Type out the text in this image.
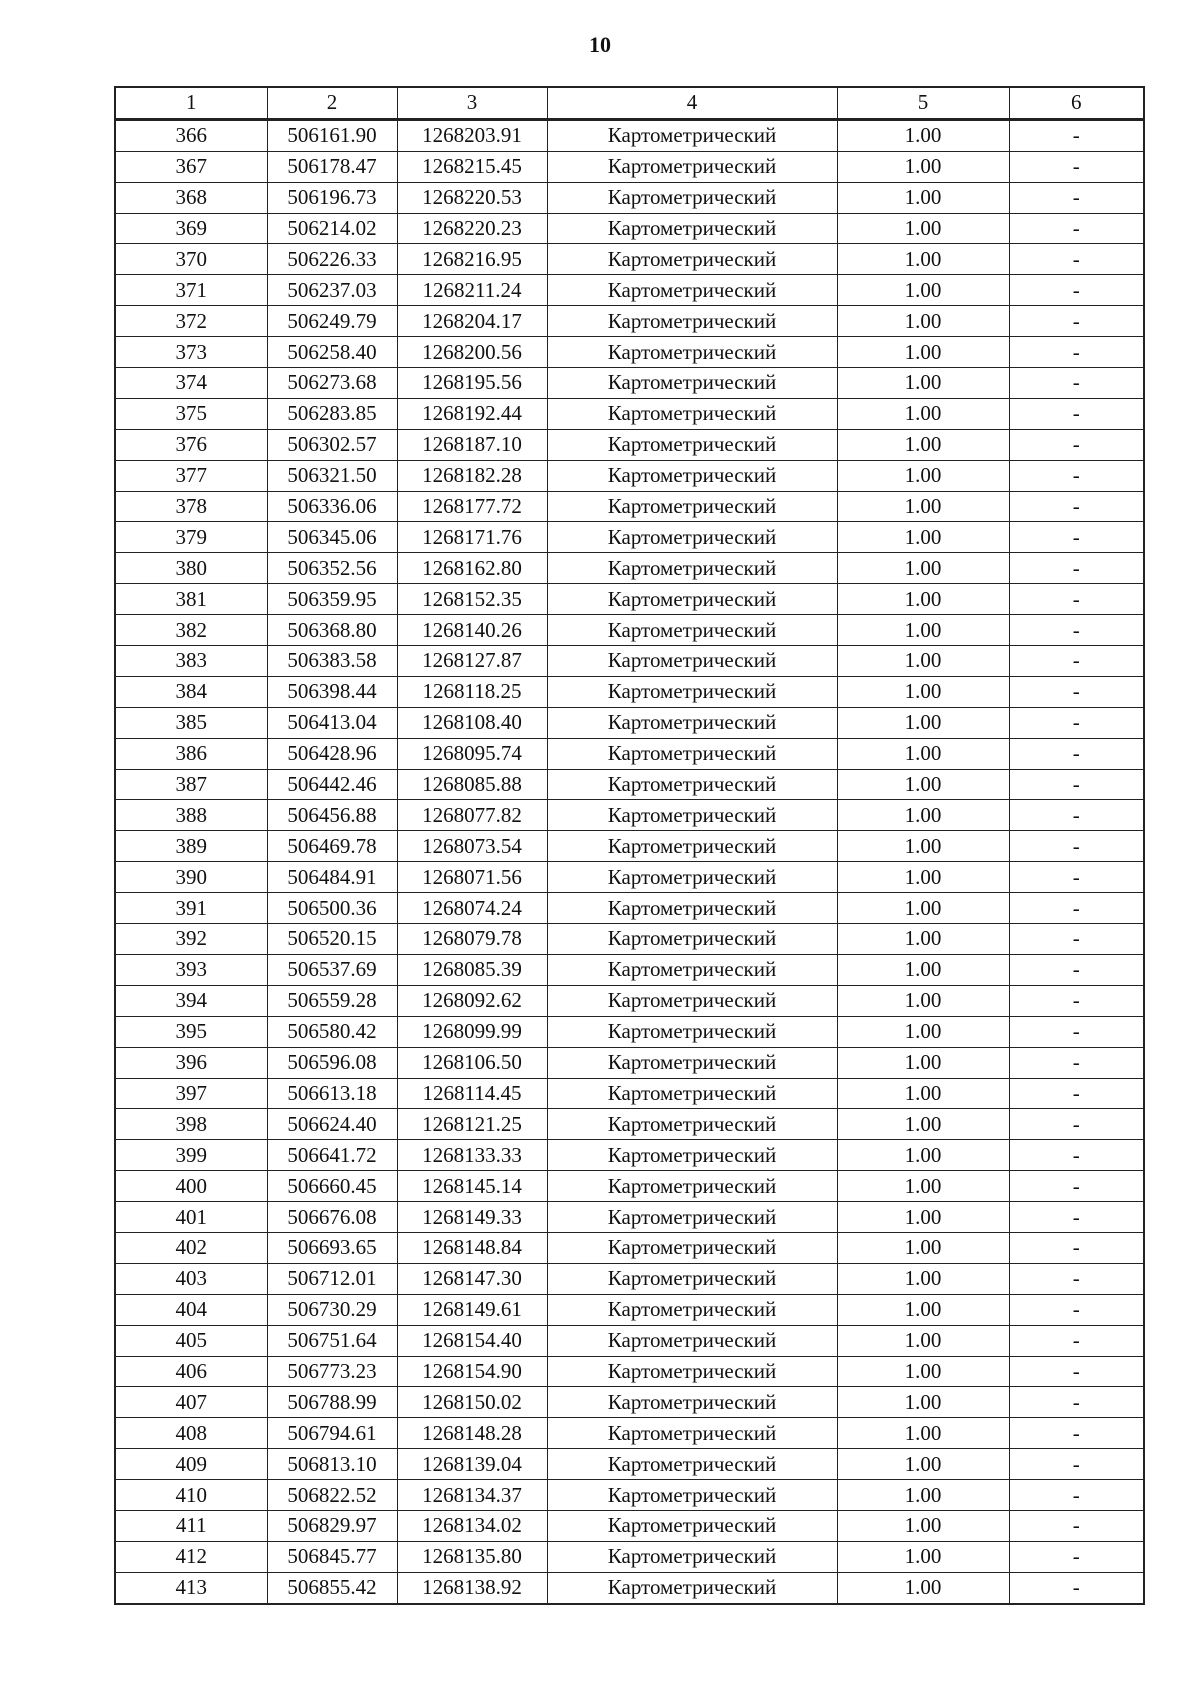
10
1	2	3	4	5	6
366	506161.90	1268203.91	Картометрический	1.00	-
367	506178.47	1268215.45	Картометрический	1.00	-
368	506196.73	1268220.53	Картометрический	1.00	-
369	506214.02	1268220.23	Картометрический	1.00	-
370	506226.33	1268216.95	Картометрический	1.00	-
371	506237.03	1268211.24	Картометрический	1.00	-
372	506249.79	1268204.17	Картометрический	1.00	-
373	506258.40	1268200.56	Картометрический	1.00	-
374	506273.68	1268195.56	Картометрический	1.00	-
375	506283.85	1268192.44	Картометрический	1.00	-
376	506302.57	1268187.10	Картометрический	1.00	-
377	506321.50	1268182.28	Картометрический	1.00	-
378	506336.06	1268177.72	Картометрический	1.00	-
379	506345.06	1268171.76	Картометрический	1.00	-
380	506352.56	1268162.80	Картометрический	1.00	-
381	506359.95	1268152.35	Картометрический	1.00	-
382	506368.80	1268140.26	Картометрический	1.00	-
383	506383.58	1268127.87	Картометрический	1.00	-
384	506398.44	1268118.25	Картометрический	1.00	-
385	506413.04	1268108.40	Картометрический	1.00	-
386	506428.96	1268095.74	Картометрический	1.00	-
387	506442.46	1268085.88	Картометрический	1.00	-
388	506456.88	1268077.82	Картометрический	1.00	-
389	506469.78	1268073.54	Картометрический	1.00	-
390	506484.91	1268071.56	Картометрический	1.00	-
391	506500.36	1268074.24	Картометрический	1.00	-
392	506520.15	1268079.78	Картометрический	1.00	-
393	506537.69	1268085.39	Картометрический	1.00	-
394	506559.28	1268092.62	Картометрический	1.00	-
395	506580.42	1268099.99	Картометрический	1.00	-
396	506596.08	1268106.50	Картометрический	1.00	-
397	506613.18	1268114.45	Картометрический	1.00	-
398	506624.40	1268121.25	Картометрический	1.00	-
399	506641.72	1268133.33	Картометрический	1.00	-
400	506660.45	1268145.14	Картометрический	1.00	-
401	506676.08	1268149.33	Картометрический	1.00	-
402	506693.65	1268148.84	Картометрический	1.00	-
403	506712.01	1268147.30	Картометрический	1.00	-
404	506730.29	1268149.61	Картометрический	1.00	-
405	506751.64	1268154.40	Картометрический	1.00	-
406	506773.23	1268154.90	Картометрический	1.00	-
407	506788.99	1268150.02	Картометрический	1.00	-
408	506794.61	1268148.28	Картометрический	1.00	-
409	506813.10	1268139.04	Картометрический	1.00	-
410	506822.52	1268134.37	Картометрический	1.00	-
411	506829.97	1268134.02	Картометрический	1.00	-
412	506845.77	1268135.80	Картометрический	1.00	-
413	506855.42	1268138.92	Картометрический	1.00	-
